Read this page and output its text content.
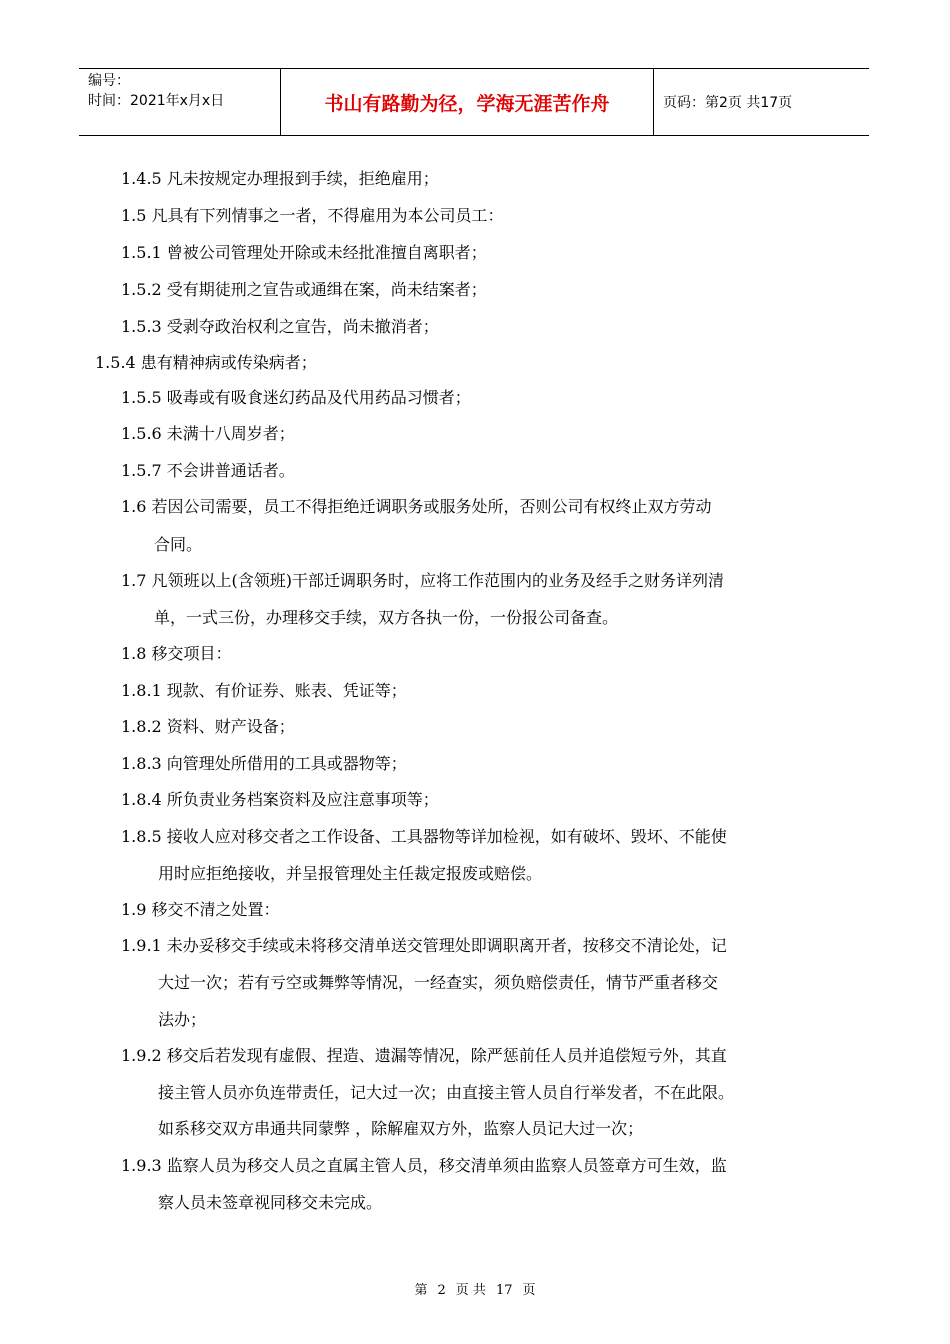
编号：
时间：2021年x月x日	书山有路勤为径，学海无涯苦作舟	页码：第2页 共17页
1.4.5 凡未按规定办理报到手续，拒绝雇用；
1.5 凡具有下列情事之一者，不得雇用为本公司员工：
1.5.1 曾被公司管理处开除或未经批准擅自离职者；
1.5.2 受有期徒刑之宣告或通缉在案，尚未结案者；
1.5.3 受剥夺政治权利之宣告，尚未撤消者；
1.5.4 患有精神病或传染病者；
1.5.5 吸毒或有吸食迷幻药品及代用药品习惯者；
1.5.6 未满十八周岁者；
1.5.7 不会讲普通话者。
1.6 若因公司需要，员工不得拒绝迁调职务或服务处所，否则公司有权终止双方劳动
合同。
1.7 凡领班以上(含领班)干部迁调职务时，应将工作范围内的业务及经手之财务详列清
单，一式三份，办理移交手续，双方各执一份，一份报公司备查。
1.8 移交项目：
1.8.1 现款、有价证券、账表、凭证等；
1.8.2 资料、财产设备；
1.8.3 向管理处所借用的工具或器物等；
1.8.4 所负责业务档案资料及应注意事项等；
1.8.5 接收人应对移交者之工作设备、工具器物等详加检视，如有破坏、毁坏、不能使
用时应拒绝接收，并呈报管理处主任裁定报废或赔偿。
1.9 移交不清之处置：
1.9.1 未办妥移交手续或未将移交清单送交管理处即调职离开者，按移交不清论处，记
大过一次；若有亏空或舞弊等情况，一经查实，须负赔偿责任，情节严重者移交
法办；
1.9.2 移交后若发现有虚假、捏造、遗漏等情况，除严惩前任人员并追偿短亏外，其直
接主管人员亦负连带责任，记大过一次；由直接主管人员自行举发者，不在此限。
如系移交双方串通共同蒙弊 ，除解雇双方外，监察人员记大过一次；
1.9.3 监察人员为移交人员之直属主管人员，移交清单须由监察人员签章方可生效，监
察人员未签章视同移交未完成。
第 2 页 共 17 页
